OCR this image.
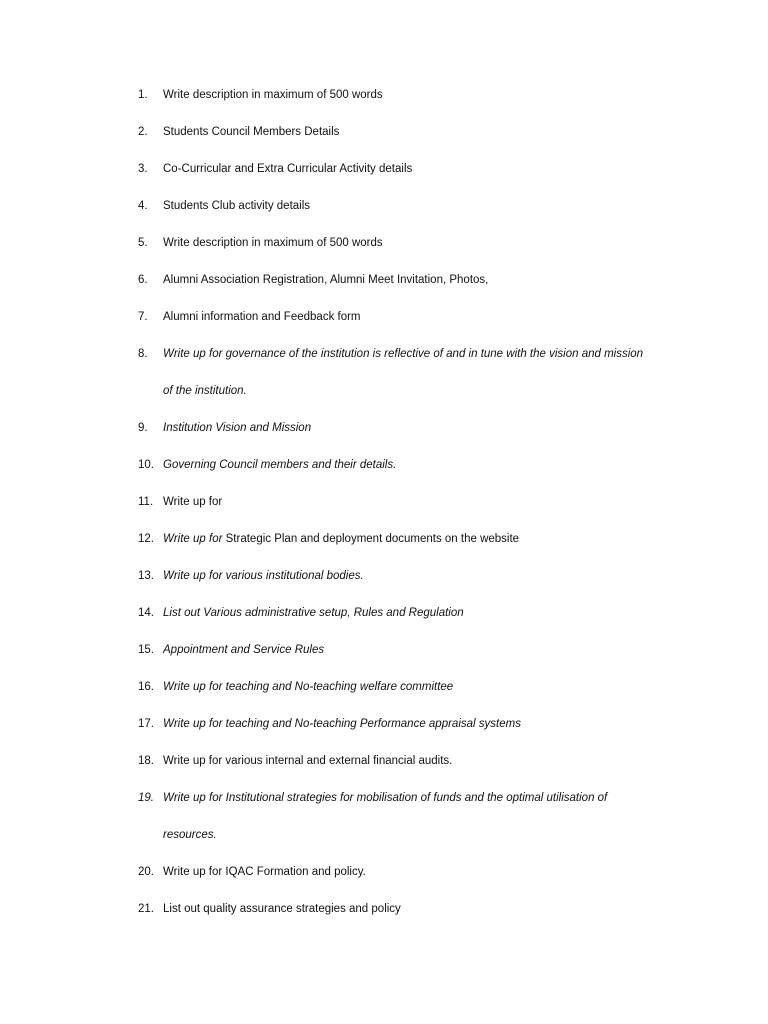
1.	Write description in maximum of 500 words
2.	Students Council Members Details
3.	Co-Curricular and Extra Curricular Activity details
4.	Students Club activity details
5.	Write description in maximum of 500 words
6.	Alumni Association Registration, Alumni Meet Invitation, Photos,
7.	Alumni information and Feedback form
8.	Write up for governance of the institution is reflective of and in tune with the vision and mission
of the institution.
9.	Institution Vision and Mission
10. Governing Council members and their details.
11. Write up for
12. Write up for Strategic Plan and deployment documents on the website
13. Write up for various institutional bodies.
14. List out Various administrative setup, Rules and Regulation
15. Appointment and Service Rules
16. Write up for teaching and No-teaching welfare committee
17. Write up for teaching and No-teaching Performance appraisal systems
18. Write up for various internal and external financial audits.
19. Write up for Institutional strategies for mobilisation of funds and the optimal utilisation of
resources.
20. Write up for IQAC Formation and policy.
21. List out quality assurance strategies and policy
